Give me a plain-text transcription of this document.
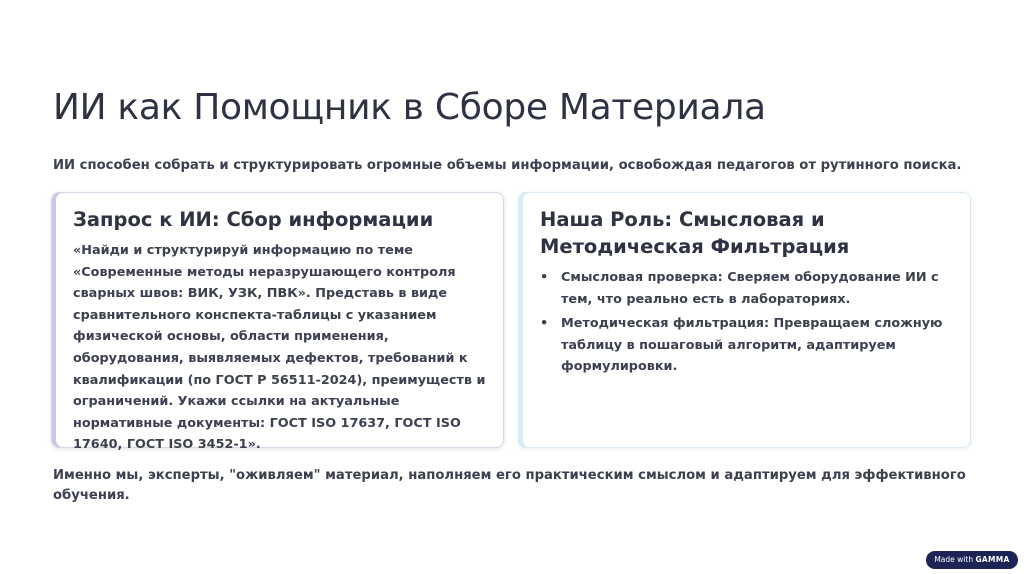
ИИ как Помощник в Сборе Материала

ИИ способен собрать и структурировать огромные объемы информации, освобождая педагогов от рутинного поиска.

Запрос к ИИ: Сбор информации

«Найди и структурируй информацию по теме «Современные методы неразрушающего контроля сварных швов: ВИК, УЗК, ПВК». Представь в виде сравнительного конспекта-таблицы с указанием физической основы, области применения, оборудования, выявляемых дефектов, требований к квалификации (по ГОСТ Р 56511-2024), преимуществ и ограничений. Укажи ссылки на актуальные нормативные документы: ГОСТ ISO 17637, ГОСТ ISO 17640, ГОСТ ISO 3452-1».

Наша Роль: Смысловая и Методическая Фильтрация
• Смысловая проверка: Сверяем оборудование ИИ с тем, что реально есть в лабораториях.
• Методическая фильтрация: Превращаем сложную таблицу в пошаговый алгоритм, адаптируем формулировки.

Именно мы, эксперты, "оживляем" материал, наполняем его практическим смыслом и адаптируем для эффективного обучения.

Made with GAMMA
